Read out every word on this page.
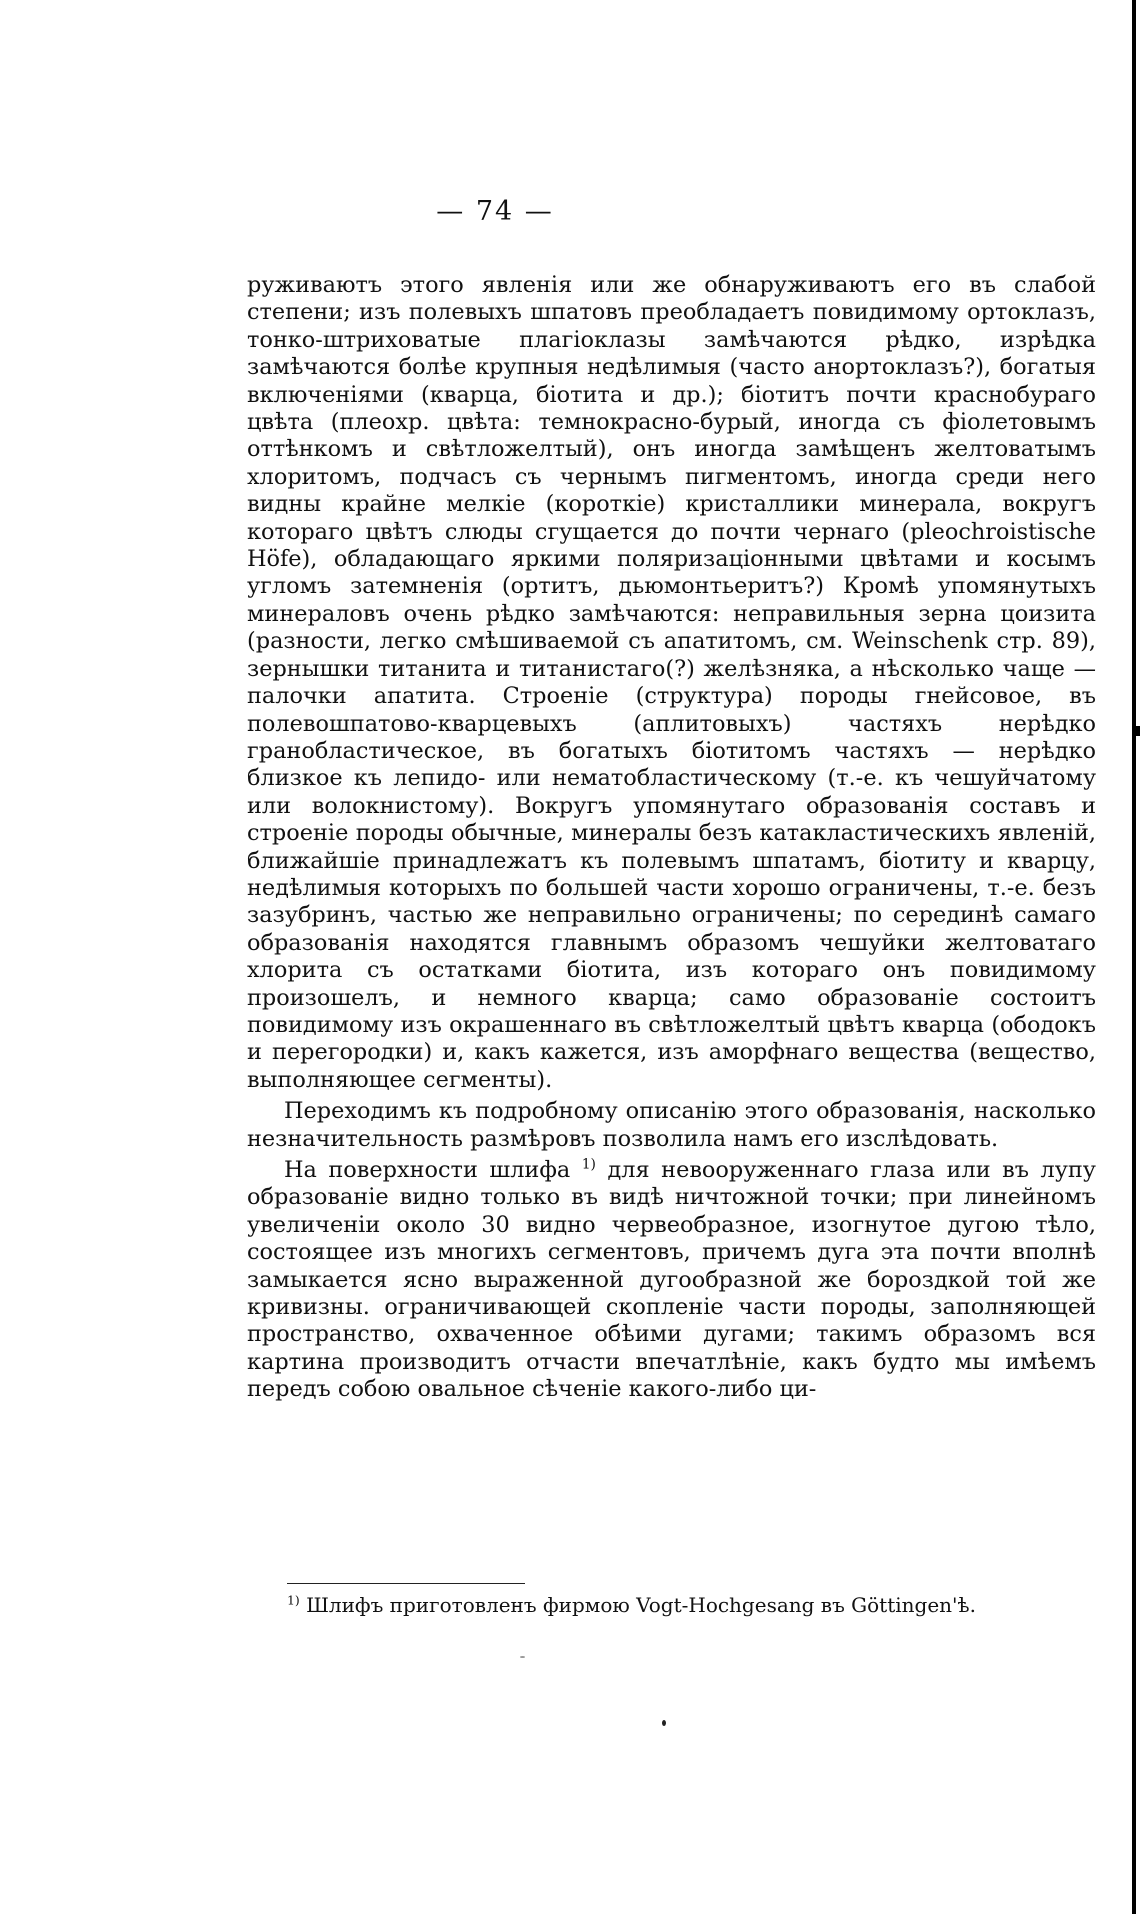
— 74 —

руживаютъ этого явленія или же обнаруживаютъ его въ слабой степени; изъ полевыхъ шпатовъ преобладаетъ повидимому ортоклазъ, тонко-штриховатые плагіоклазы замѣчаются рѣдко, изрѣдка замѣчаются болѣе крупныя недѣлимыя (часто анортоклазъ?), богатыя включеніями (кварца, біотита и др.); біотитъ почти краснобураго цвѣта (плеохр. цвѣта: темнокрасно-бурый, иногда съ фіолетовымъ оттѣнкомъ и свѣтложелтый), онъ иногда замѣщенъ желтоватымъ хлоритомъ, подчасъ съ чернымъ пигментомъ, иногда среди него видны крайне мелкіе (короткіе) кристаллики минерала, вокругъ котораго цвѣтъ слюды сгущается до почти чернаго (pleochroistische Höfe), обладающаго яркими поляризаціонными цвѣтами и косымъ угломъ затемненія (ортитъ, дьюмонтьеритъ?) Кромѣ упомянутыхъ минераловъ очень рѣдко замѣчаются: неправильныя зерна цоизита (разности, легко смѣшиваемой съ апатитомъ, см. Weinschenk стр. 89), зернышки титанита и титанистаго(?) желѣзняка, а нѣсколько чаще — палочки апатита. Строеніе (структура) породы гнейсовое, въ полевошпатово-кварцевыхъ (аплитовыхъ) частяхъ нерѣдко гранобластическое, въ богатыхъ біотитомъ частяхъ — нерѣдко близкое къ лепидо- или нематобластическому (т.-е. къ чешуйчатому или волокнистому). Вокругъ упомянутаго образованія составъ и строеніе породы обычные, минералы безъ катакластическихъ явленій, ближайшіе принадлежатъ къ полевымъ шпатамъ, біотиту и кварцу, недѣлимыя которыхъ по большей части хорошо ограничены, т.-е. безъ зазубринъ, частью же неправильно ограничены; по серединѣ самаго образованія находятся главнымъ образомъ чешуйки желтоватаго хлорита съ остатками біотита, изъ котораго онъ повидимому произошелъ, и немного кварца; само образованіе состоитъ повидимому изъ окрашеннаго въ свѣтложелтый цвѣтъ кварца (ободокъ и перегородки) и, какъ кажется, изъ аморфнаго вещества (вещество, выполняющее сегменты).

Переходимъ къ подробному описанію этого образованія, насколько незначительность размѣровъ позволила намъ его изслѣдовать.

На поверхности шлифа $^{1)}$ для невооруженнаго глаза или въ лупу образованіе видно только въ видѣ ничтожной точки; при линейномъ увеличеніи около 30 видно червеобразное, изогнутое дугою тѣло, состоящее изъ многихъ сегментовъ, причемъ дуга эта почти вполнѣ замыкается ясно выраженной дугообразной же бороздкой той же кривизны. ограничивающей скопленіе части породы, заполняющей пространство, охваченное обѣими дугами; такимъ образомъ вся картина производитъ отчасти впечатлѣніе, какъ будто мы имѣемъ передъ собою овальное сѣченіе какого-либо ци-

$^{1)}$ Шлифъ приготовленъ фирмою Vogt-Hochgesang въ Göttingen'ѣ.
